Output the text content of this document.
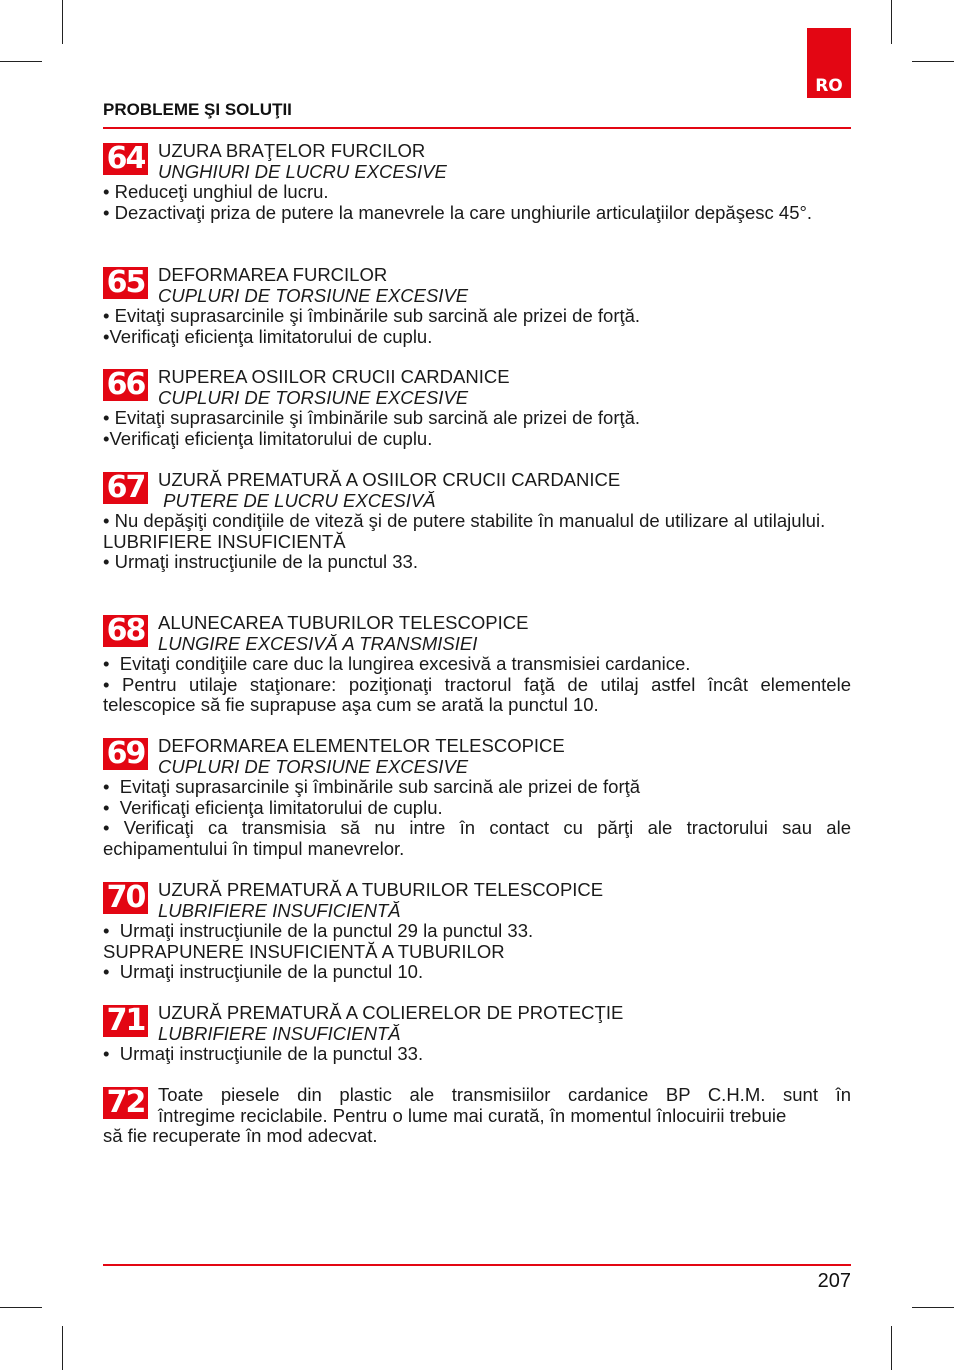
RO
PROBLEME ŞI SOLUŢII
64 UZURA BRAŢELOR FURCILOR
UNGHIURI DE LUCRU EXCESIVE

• Reduceţi unghiul de lucru.

• Dezactivaţi priza de putere la manevrele la care unghiurile articulaţiilor depăşesc 45°.

65 DEFORMAREA FURCILOR
CUPLURI DE TORSIUNE EXCESIVE

• Evitaţi suprasarcinile şi îmbinările sub sarcină ale prizei de forţă.

•Verificaţi eficienţa limitatorului de cuplu.

66 RUPEREA OSIILOR CRUCII CARDANICE
CUPLURI DE TORSIUNE EXCESIVE

• Evitaţi suprasarcinile şi îmbinările sub sarcină ale prizei de forţă.

•Verificaţi eficienţa limitatorului de cuplu.

67 UZURĂ PREMATURĂ A OSIILOR CRUCII CARDANICE
PUTERE DE LUCRU EXCESIVĂ

• Nu depăşiţi condiţiile de viteză şi de putere stabilite în manualul de utilizare al utilajului.

LUBRIFIERE INSUFICIENTĂ

• Urmaţi instrucţiunile de la punctul 33.

68 ALUNECAREA TUBURILOR TELESCOPICE
LUNGIRE EXCESIVĂ A TRANSMISIEI

•  Evitaţi condiţiile care duc la lungirea excesivă a transmisiei cardanice.

• Pentru utilaje staţionare: poziţionaţi tractorul faţă de utilaj astfel încât elementele telescopice să fie suprapuse aşa cum se arată la punctul 10.

69 DEFORMAREA ELEMENTELOR TELESCOPICE
CUPLURI DE TORSIUNE EXCESIVE

•  Evitaţi suprasarcinile şi îmbinările sub sarcină ale prizei de forţă

•  Verificaţi eficienţa limitatorului de cuplu.

• Verificaţi ca transmisia să nu intre în contact cu părţi ale tractorului sau ale echipamentului în timpul manevrelor.

70 UZURĂ PREMATURĂ A TUBURILOR TELESCOPICE
LUBRIFIERE INSUFICIENTĂ

•  Urmaţi instrucţiunile de la punctul 29 la punctul 33.

SUPRAPUNERE INSUFICIENTĂ A TUBURILOR

•  Urmaţi instrucţiunile de la punctul 10.

71 UZURĂ PREMATURĂ A COLIERELOR DE PROTECŢIE
LUBRIFIERE INSUFICIENTĂ

•  Urmaţi instrucţiunile de la punctul 33.

72 Toate piesele din plastic ale transmisiilor cardanice BP C.H.M. sunt în
întregime reciclabile. Pentru o lume mai curată, în momentul înlocuirii trebuie

să fie recuperate în mod adecvat.

207
